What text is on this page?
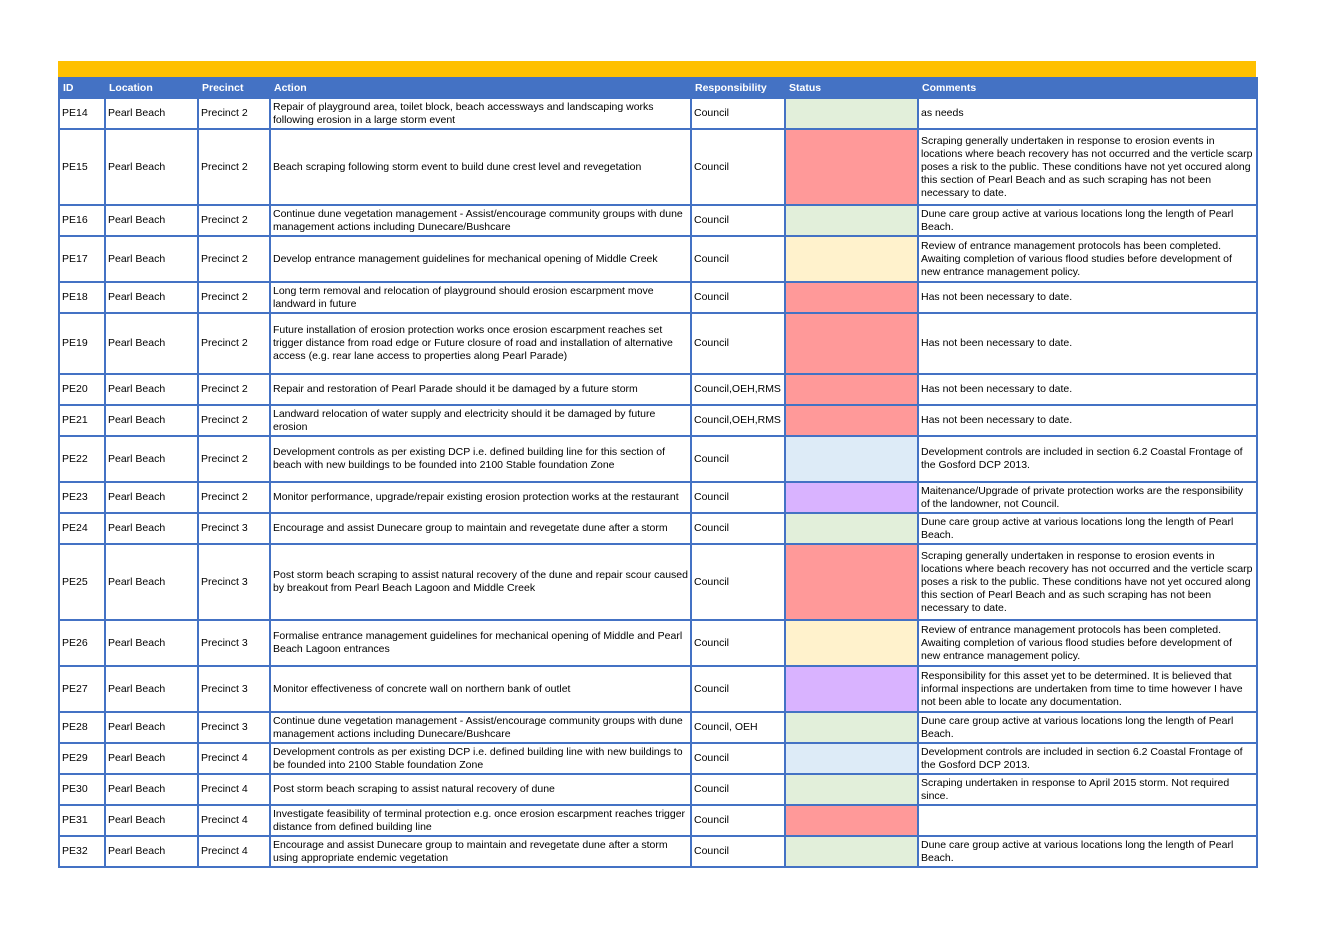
ID	Location	Precinct	Action	Responsibility	Status	Comments
PE14	Pearl Beach	Precinct 2	Repair of playground area, toilet block, beach accessways and landscaping works following erosion in a large storm event	Council		as needs
PE15	Pearl Beach	Precinct 2	Beach scraping following storm event to build dune crest level and revegetation	Council		Scraping generally undertaken in response to erosion events in locations where beach recovery has not occurred and the verticle scarp poses a risk to the public. These conditions have not yet occured along this section of Pearl Beach and as such scraping has not been necessary to date.
PE16	Pearl Beach	Precinct 2	Continue dune vegetation management - Assist/encourage community groups with dune management actions including Dunecare/Bushcare	Council		Dune care group active at various locations long the length of Pearl Beach.
PE17	Pearl Beach	Precinct 2	Develop entrance management guidelines for mechanical opening of Middle Creek	Council		Review of entrance management protocols has been completed. Awaiting completion of various flood studies before development of new entrance management policy.
PE18	Pearl Beach	Precinct 2	Long term removal and relocation of playground should erosion escarpment move landward in future	Council		Has not been necessary to date.
PE19	Pearl Beach	Precinct 2	Future installation of erosion protection works once erosion escarpment reaches set trigger distance from road edge or Future closure of road and installation of alternative access (e.g. rear lane access to properties along Pearl Parade)	Council		Has not been necessary to date.
PE20	Pearl Beach	Precinct 2	Repair and restoration of Pearl Parade should it be damaged by a future storm	Council,OEH,RMS		Has not been necessary to date.
PE21	Pearl Beach	Precinct 2	Landward relocation of water supply and electricity should it be damaged by future erosion	Council,OEH,RMS		Has not been necessary to date.
PE22	Pearl Beach	Precinct 2	Development controls as per existing DCP i.e. defined building line for this section of beach with new buildings to be founded into 2100 Stable foundation Zone	Council		Development controls are included in section 6.2 Coastal Frontage of the Gosford DCP 2013.
PE23	Pearl Beach	Precinct 2	Monitor performance, upgrade/repair existing erosion protection works at the restaurant	Council		Maitenance/Upgrade of private protection works are the responsibility of the landowner, not Council.
PE24	Pearl Beach	Precinct 3	Encourage and assist Dunecare group to maintain and revegetate dune after a storm	Council		Dune care group active at various locations long the length of Pearl Beach.
PE25	Pearl Beach	Precinct 3	Post storm beach scraping to assist natural recovery of the dune and repair scour caused by breakout from Pearl Beach Lagoon and Middle Creek	Council		Scraping generally undertaken in response to erosion events in locations where beach recovery has not occurred and the verticle scarp poses a risk to the public. These conditions have not yet occured along this section of Pearl Beach and as such scraping has not been necessary to date.
PE26	Pearl Beach	Precinct 3	Formalise entrance management guidelines for mechanical opening of Middle and Pearl Beach Lagoon entrances	Council		Review of entrance management protocols has been completed. Awaiting completion of various flood studies before development of new entrance management policy.
PE27	Pearl Beach	Precinct 3	Monitor effectiveness of concrete wall on northern bank of outlet	Council		Responsibility for this asset yet to be determined. It is believed that informal inspections are undertaken from time to time however I have not been able to locate any documentation.
PE28	Pearl Beach	Precinct 3	Continue dune vegetation management - Assist/encourage community groups with dune management actions including Dunecare/Bushcare	Council, OEH		Dune care group active at various locations long the length of Pearl Beach.
PE29	Pearl Beach	Precinct 4	Development controls as per existing DCP i.e. defined building line with new buildings to be founded into 2100 Stable foundation Zone	Council		Development controls are included in section 6.2 Coastal Frontage of the Gosford DCP 2013.
PE30	Pearl Beach	Precinct 4	Post storm beach scraping to assist natural recovery of dune	Council		Scraping undertaken in response to April 2015 storm. Not required since.
PE31	Pearl Beach	Precinct 4	Investigate feasibility of terminal protection e.g. once erosion escarpment reaches trigger distance from defined building line	Council		
PE32	Pearl Beach	Precinct 4	Encourage and assist Dunecare group to maintain and revegetate dune after a storm using appropriate endemic vegetation	Council		Dune care group active at various locations long the length of Pearl Beach.
